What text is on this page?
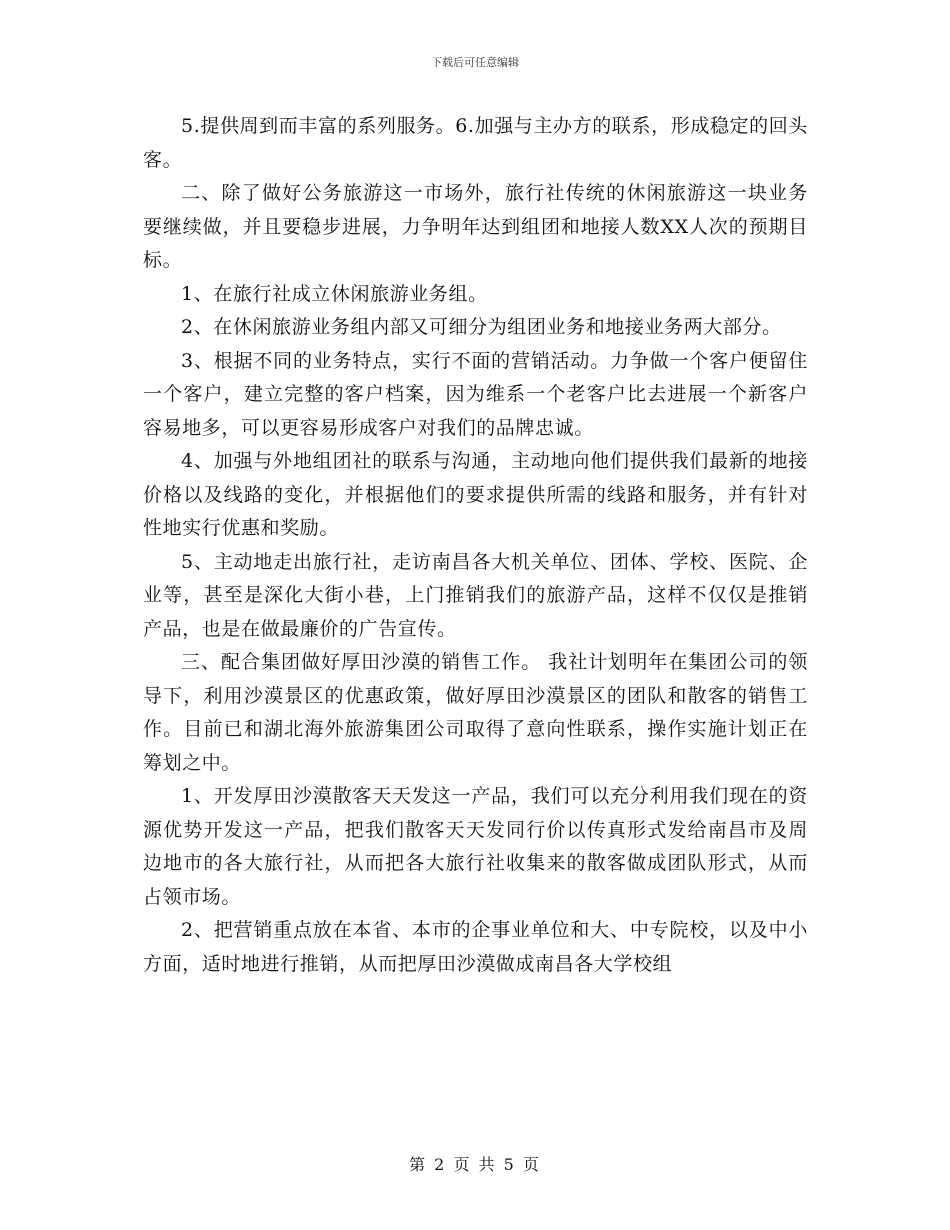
下载后可任意编辑

5.提供周到而丰富的系列服务。6.加强与主办方的联系，形成稳定的回头客。

二、除了做好公务旅游这一市场外，旅行社传统的休闲旅游这一块业务要继续做，并且要稳步进展，力争明年达到组团和地接人数XX人次的预期目标。

1、在旅行社成立休闲旅游业务组。

2、在休闲旅游业务组内部又可细分为组团业务和地接业务两大部分。

3、根据不同的业务特点，实行不面的营销活动。力争做一个客户便留住一个客户，建立完整的客户档案，因为维系一个老客户比去进展一个新客户容易地多，可以更容易形成客户对我们的品牌忠诚。

4、加强与外地组团社的联系与沟通，主动地向他们提供我们最新的地接价格以及线路的变化，并根据他们的要求提供所需的线路和服务，并有针对性地实行优惠和奖励。

5、主动地走出旅行社，走访南昌各大机关单位、团体、学校、医院、企业等，甚至是深化大街小巷，上门推销我们的旅游产品，这样不仅仅是推销产品，也是在做最廉价的广告宣传。

三、配合集团做好厚田沙漠的销售工作。 我社计划明年在集团公司的领导下，利用沙漠景区的优惠政策，做好厚田沙漠景区的团队和散客的销售工作。目前已和湖北海外旅游集团公司取得了意向性联系，操作实施计划正在筹划之中。

1、开发厚田沙漠散客天天发这一产品，我们可以充分利用我们现在的资源优势开发这一产品，把我们散客天天发同行价以传真形式发给南昌市及周边地市的各大旅行社，从而把各大旅行社收集来的散客做成团队形式，从而占领市场。

2、把营销重点放在本省、本市的企事业单位和大、中专院校，以及中小方面，适时地进行推销，从而把厚田沙漠做成南昌各大学校组

第 2 页 共 5 页
